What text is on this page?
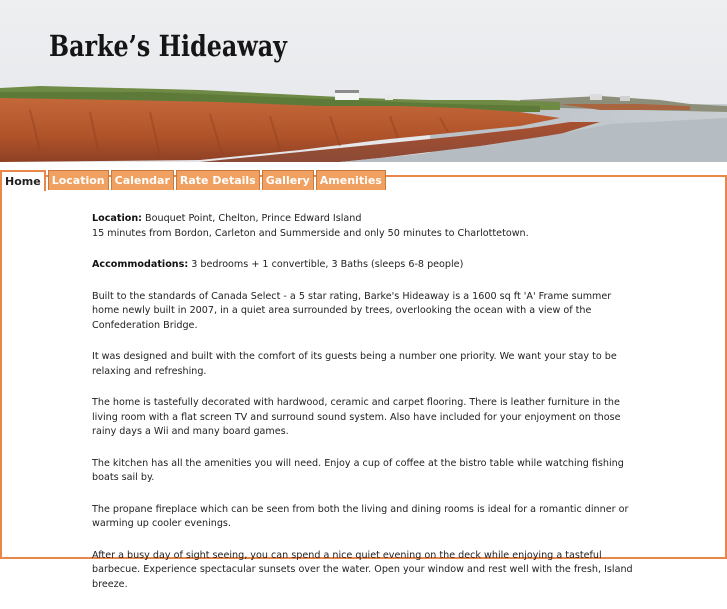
Barke’s Hideaway
Home	Location Calendar Rate Details Gallery Amenities

Location: Bouquet Point, Chelton, Prince Edward Island
15 minutes from Bordon, Carleton and Summerside and only 50 minutes to Charlottetown.

Accommodations: 3 bedrooms + 1 convertible, 3 Baths (sleeps 6-8 people)

Built to the standards of Canada Select - a 5 star rating, Barke's Hideaway is a 1600 sq ft 'A' Frame summer home newly built in 2007, in a quiet area surrounded by trees, overlooking the ocean with a view of the Confederation Bridge.

It was designed and built with the comfort of its guests being a number one priority. We want your stay to be relaxing and refreshing.

The home is tastefully decorated with hardwood, ceramic and carpet flooring. There is leather furniture in the living room with a flat screen TV and surround sound system. Also have included for your enjoyment on those rainy days a Wii and many board games.

The kitchen has all the amenities you will need. Enjoy a cup of coffee at the bistro table while watching fishing boats sail by.

The propane fireplace which can be seen from both the living and dining rooms is ideal for a romantic dinner or warming up cooler evenings.

After a busy day of sight seeing, you can spend a nice quiet evening on the deck while enjoying a tasteful barbecue. Experience spectacular sunsets over the water. Open your window and rest well with the fresh, Island breeze.
